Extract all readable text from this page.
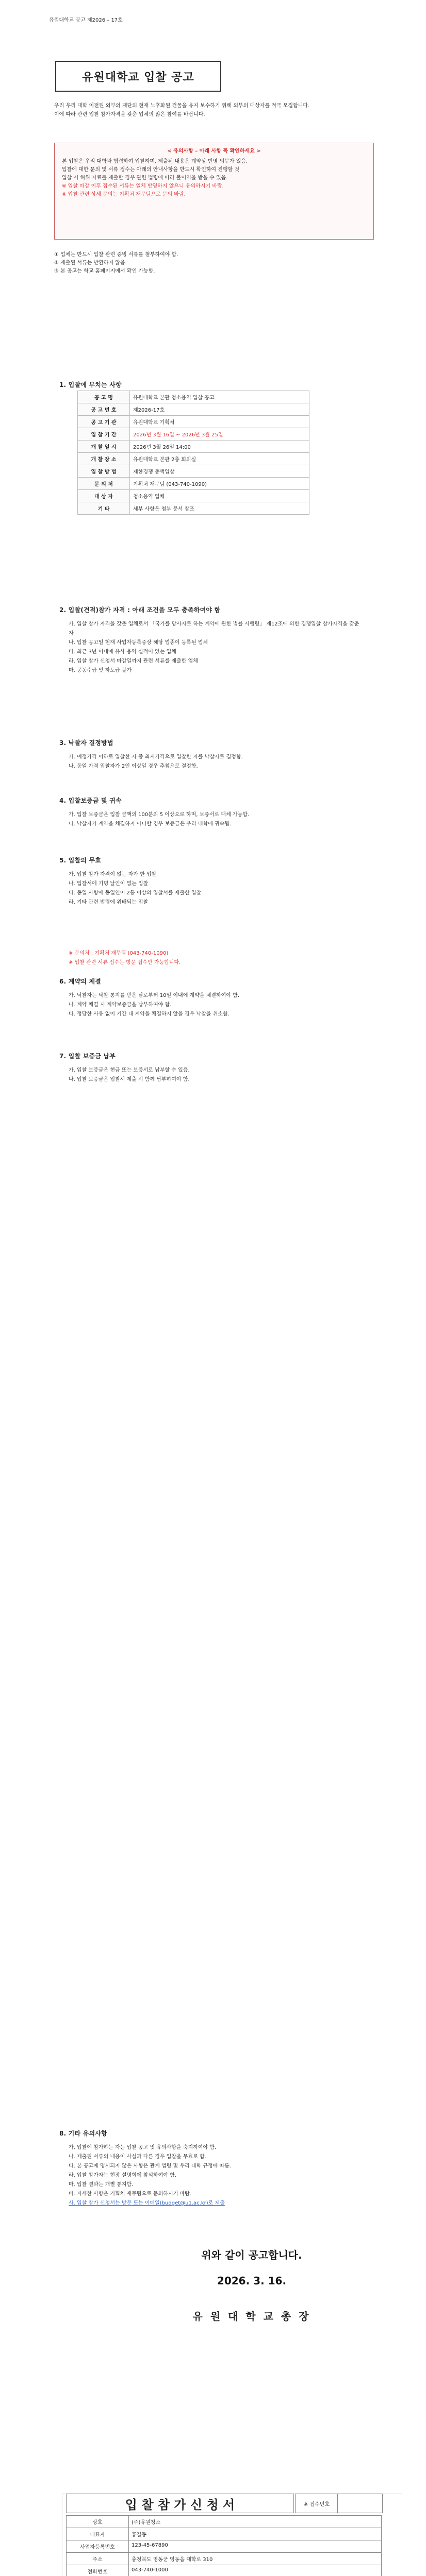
유원대학교 공고 제2026 – 17호
유원대학교 입찰 공고
우리 우리 대학 이전된 외부의 재단의 현재 노후화된 건물을 유지 보수하기 위해 외부의 대상자를 적극 모집합니다.
이에 따라 관련 입찰 참가자격을 갖춘 업체의 많은 참여를 바랍니다.
< 유의사항 – 아래 사항 꼭 확인하세요 >
본 입찰은 우리 대학과 협력하여 입찰하며, 제출된 내용은 계약상 반영 의무가 있음.
입찰에 대한 문의 및 서류 접수는 아래의 안내사항을 반드시 확인하여 진행할 것
입찰 시 허위 자료를 제출할 경우 관련 법령에 따라 불이익을 받을 수 있음.
※ 입찰 마감 이후 접수된 서류는 일체 반영하지 않으니 유의하시기 바람.
※ 입찰 관련 상세 문의는 기획처 재무팀으로 문의 바람.
① 업체는 반드시 입찰 관련 증빙 서류를 첨부하여야 함.
② 제출된 서류는 반환하지 않음.
③ 본 공고는 학교 홈페이지에서 확인 가능함.
1. 입찰에 부치는 사항
공 고 명	유원대학교 본관 청소용역 입찰 공고
공 고 번 호	제2026-17호
공 고 기 관	유원대학교 기획처
입 찰 기 간	2026년 3월 16일 ~ 2026년 3월 25일
개 찰 일 시	2026년 3월 26일 14:00
개 찰 장 소	유원대학교 본관 2층 회의실
입 찰 방 법	제한경쟁 총액입찰
문 의 처	기획처 재무팀 (043-740-1090)
대 상 자	청소용역 업체
기 타	세부 사항은 첨부 문서 참조
2. 입찰(견적)참가 자격 : 아래 조건을 모두 충족하여야 함
가. 입찰 참가 자격을 갖춘 업체로서 「국가를 당사자로 하는 계약에 관한 법률 시행령」 제12조에 의한 경쟁입찰 참가자격을 갖춘 자
나. 입찰 공고일 현재 사업자등록증상 해당 업종이 등록된 업체
다. 최근 3년 이내에 유사 용역 실적이 있는 업체
라. 입찰 참가 신청서 마감일까지 관련 서류를 제출한 업체
마. 공동수급 및 하도급 불가
3. 낙찰자 결정방법
가. 예정가격 이하로 입찰한 자 중 최저가격으로 입찰한 자를 낙찰자로 결정함.
나. 동일 가격 입찰자가 2인 이상일 경우 추첨으로 결정함.
4. 입찰보증금 및 귀속
가. 입찰 보증금은 입찰 금액의 100분의 5 이상으로 하며, 보증서로 대체 가능함.
나. 낙찰자가 계약을 체결하지 아니할 경우 보증금은 우리 대학에 귀속됨.
5. 입찰의 무효
가. 입찰 참가 자격이 없는 자가 한 입찰
나. 입찰서에 기명 날인이 없는 입찰
다. 동일 사항에 동일인이 2통 이상의 입찰서를 제출한 입찰
라. 기타 관련 법령에 위배되는 입찰
※ 문의처 : 기획처 재무팀 (043-740-1090)
※ 입찰 관련 서류 접수는 방문 접수만 가능합니다.
6. 계약의 체결
가. 낙찰자는 낙찰 통지를 받은 날로부터 10일 이내에 계약을 체결하여야 함.
나. 계약 체결 시 계약보증금을 납부하여야 함.
다. 정당한 사유 없이 기간 내 계약을 체결하지 않을 경우 낙찰을 취소함.
7. 입찰 보증금 납부
가. 입찰 보증금은 현금 또는 보증서로 납부할 수 있음.
나. 입찰 보증금은 입찰서 제출 시 함께 납부하여야 함.
8. 기타 유의사항
가. 입찰에 참가하는 자는 입찰 공고 및 유의사항을 숙지하여야 함.
나. 제출된 서류의 내용이 사실과 다른 경우 입찰을 무효로 함.
다. 본 공고에 명시되지 않은 사항은 관계 법령 및 우리 대학 규정에 따름.
라. 입찰 참가자는 현장 설명회에 참석하여야 함.
마. 입찰 결과는 개별 통지함.
바. 자세한 사항은 기획처 재무팀으로 문의하시기 바람.
사. 입찰 참가 신청서는 방문 또는 이메일(budget@u1.ac.kr)로 제출
위와 같이 공고합니다.
2026. 3. 16.
유 원 대 학 교 총 장
입 찰 참 가 신 청 서	※ 접수번호
상호	(주)유원청소
대표자	홍길동
사업자등록번호	123-45-67890
주소	충청북도 영동군 영동읍 대학로 310
전화번호	043-740-1000
